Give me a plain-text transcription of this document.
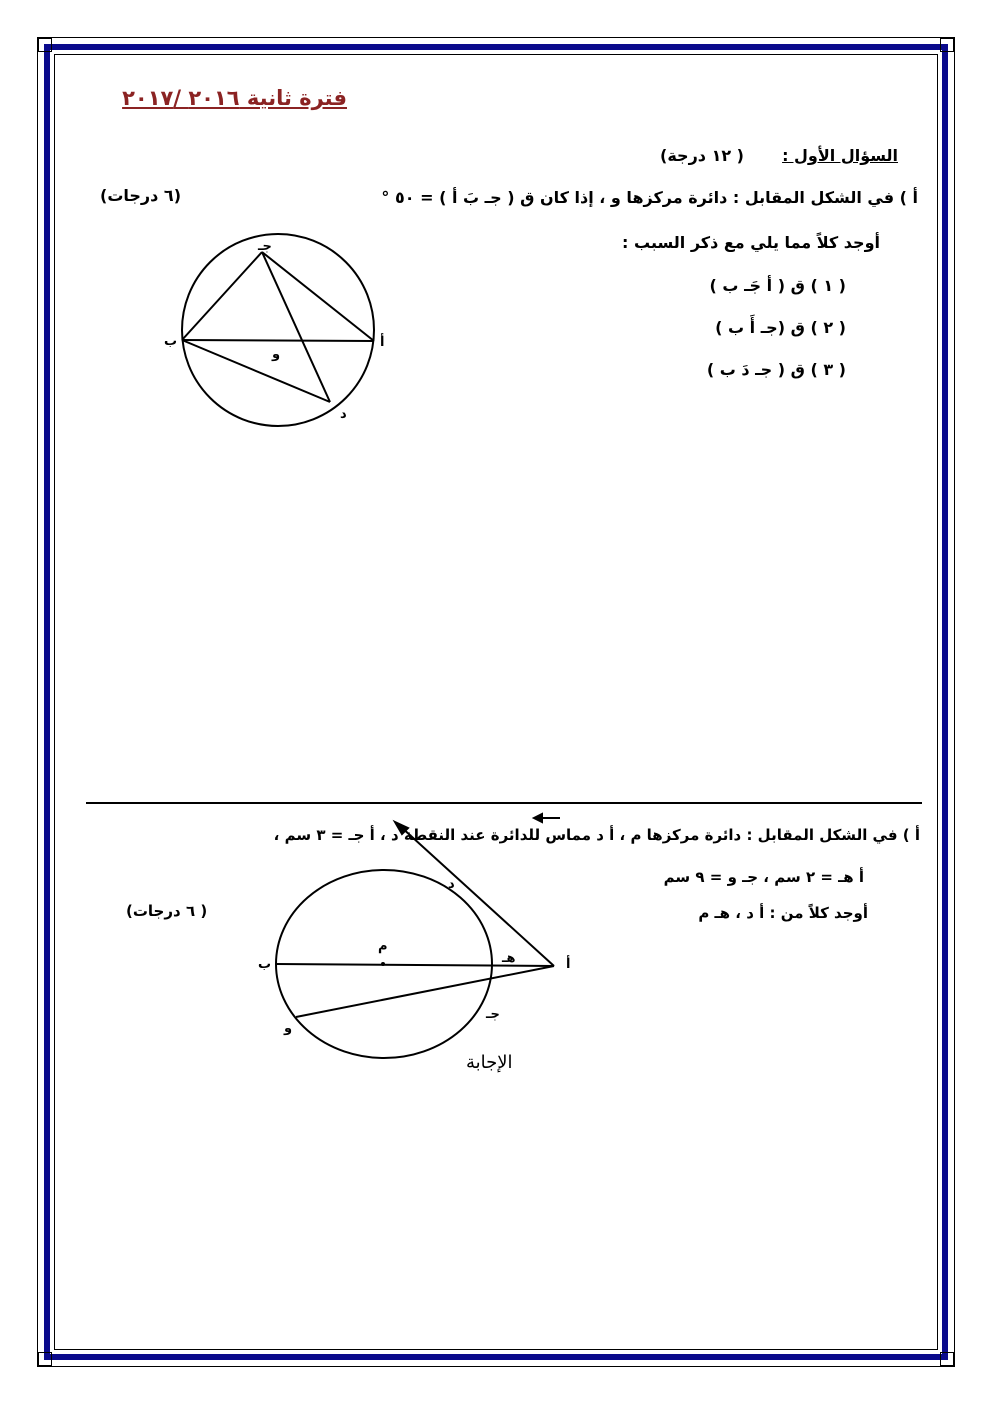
فترة ثانية ٢٠١٦ /٢٠١٧
السؤال الأول :
( ١٢ درجة)
أ ) في الشكل المقابل : دائرة مركزها و ، إذا كان ق ( جـ بَ أ ) = ٥٠ °
(٦ درجات)
أوجد كلاً مما يلي مع ذكر السبب :
( ١ ) ق ( أ جَـ ب )
( ٢ ) ق (جـ أَ ب )
( ٣ ) ق ( جـ دَ ب )
جـ
ب	أ
و
د
د
م
ب	هـ	أ
و
جـ
أ ) في الشكل المقابل : دائرة مركزها م ، أ د مماس للدائرة عند النقطة د ، أ جـ = ٣ سم ،
أ هـ = ٢ سم ، جـ و = ٩ سم
أوجد كلاً من : أ د ، هـ م
( ٦ درجات)
الإجابة
